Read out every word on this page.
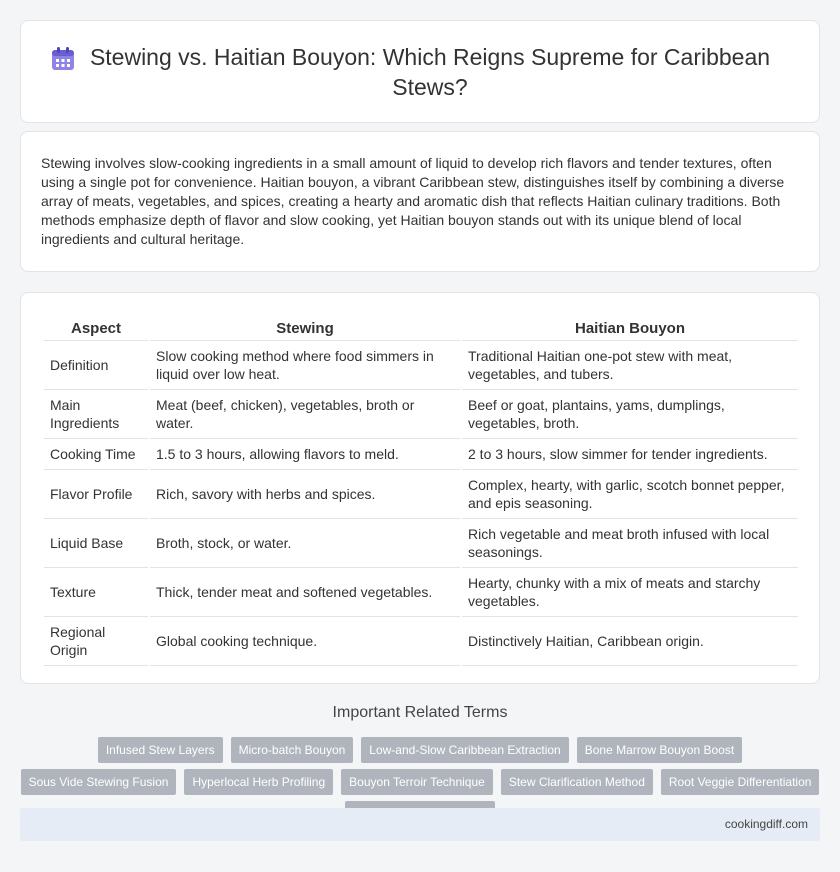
Stewing vs. Haitian Bouyon: Which Reigns Supreme for Caribbean Stews?

Stewing involves slow-cooking ingredients in a small amount of liquid to develop rich flavors and tender textures, often using a single pot for convenience. Haitian bouyon, a vibrant Caribbean stew, distinguishes itself by combining a diverse array of meats, vegetables, and spices, creating a hearty and aromatic dish that reflects Haitian culinary traditions. Both methods emphasize depth of flavor and slow cooking, yet Haitian bouyon stands out with its unique blend of local ingredients and cultural heritage.

Aspect	Stewing	Haitian Bouyon
Definition	Slow cooking method where food simmers in liquid over low heat.	Traditional Haitian one-pot stew with meat, vegetables, and tubers.
Main Ingredients	Meat (beef, chicken), vegetables, broth or water.	Beef or goat, plantains, yams, dumplings, vegetables, broth.
Cooking Time	1.5 to 3 hours, allowing flavors to meld.	2 to 3 hours, slow simmer for tender ingredients.
Flavor Profile	Rich, savory with herbs and spices.	Complex, hearty, with garlic, scotch bonnet pepper, and epis seasoning.
Liquid Base	Broth, stock, or water.	Rich vegetable and meat broth infused with local seasonings.
Texture	Thick, tender meat and softened vegetables.	Hearty, chunky with a mix of meats and starchy vegetables.
Regional Origin	Global cooking technique.	Distinctively Haitian, Caribbean origin.
Important Related Terms
Infused Stew Layers	Micro-batch Bouyon	Low-and-Slow Caribbean Extraction	Bone Marrow Bouyon Boost
Sous Vide Stewing Fusion	Hyperlocal Herb Profiling	Bouyon Terroir Technique	Stew Clarification Method	Root Veggie Differentiation
cookingdiff.com
